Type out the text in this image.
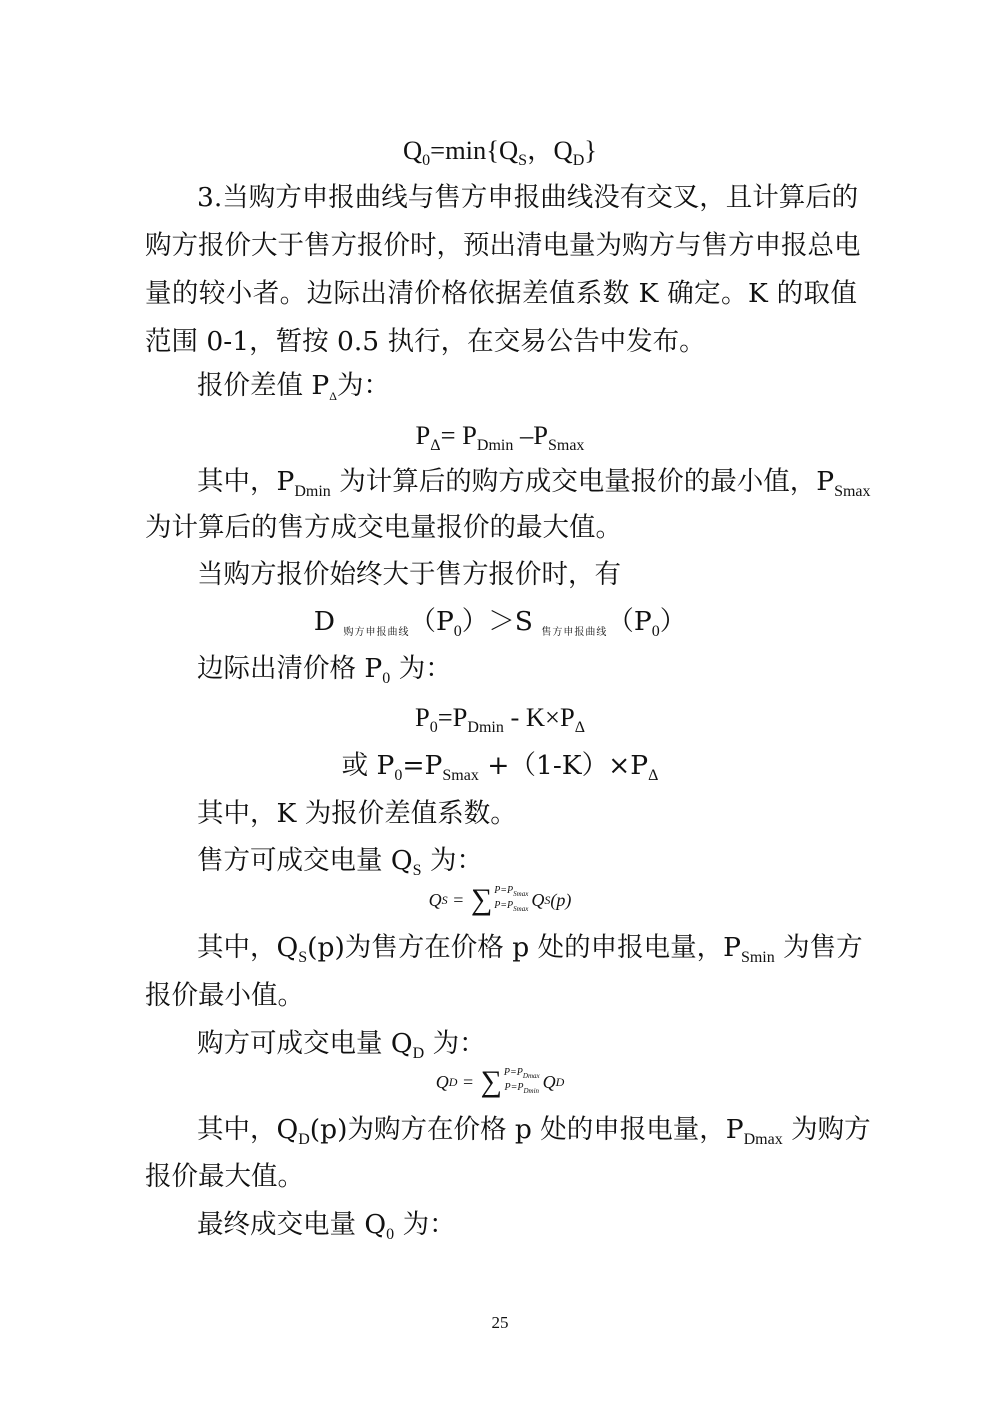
$Q_0=\min\{Q_S$，$Q_D$}
3.当购方申报曲线与售方申报曲线没有交叉，且计算后的
购方报价大于售方报价时，预出清电量为购方与售方申报总电
量的较小者。边际出清价格依据差值系数 K 确定。K 的取值
范围 0-1，暂按 0.5 执行，在交易公告中发布。
报价差值 $P_\Delta$为：
$P_\Delta= P_{Dmin}$ $-P_{Smax}$
其中，$P_{Dmin}$ 为计算后的购方成交电量报价的最小值，$P_{Smax}$
为计算后的售方成交电量报价的最大值。
当购方报价始终大于售方报价时，有
D 购方申报曲线$(P_0)>S$ 售方申报曲线$(P_0)$
边际出清价格 $P_0$ 为：
$P_0=P_{Dmin} - K\times P_\Delta$
或 $P_0=P_{Smax} +(1-K)\times P_\Delta$
其中，K 为报价差值系数。
售方可成交电量 $Q_S$ 为：
Q S = ∑ $P=P_{Smax}$
$P=P_{Smax}$ Q S (p)
其中，$Q_S(p)$为售方在价格 p 处的申报电量，$P_{Smin}$ 为售方
报价最小值。
购方可成交电量 $Q_D$ 为：
Q D = ∑ $P=P_{Dmax}$
$P=P_{Dmin}$ Q D
其中，$Q_D(p)$为购方在价格 p 处的申报电量，$P_{Dmax}$ 为购方
报价最大值。
最终成交电量 $Q_0$ 为：
25
